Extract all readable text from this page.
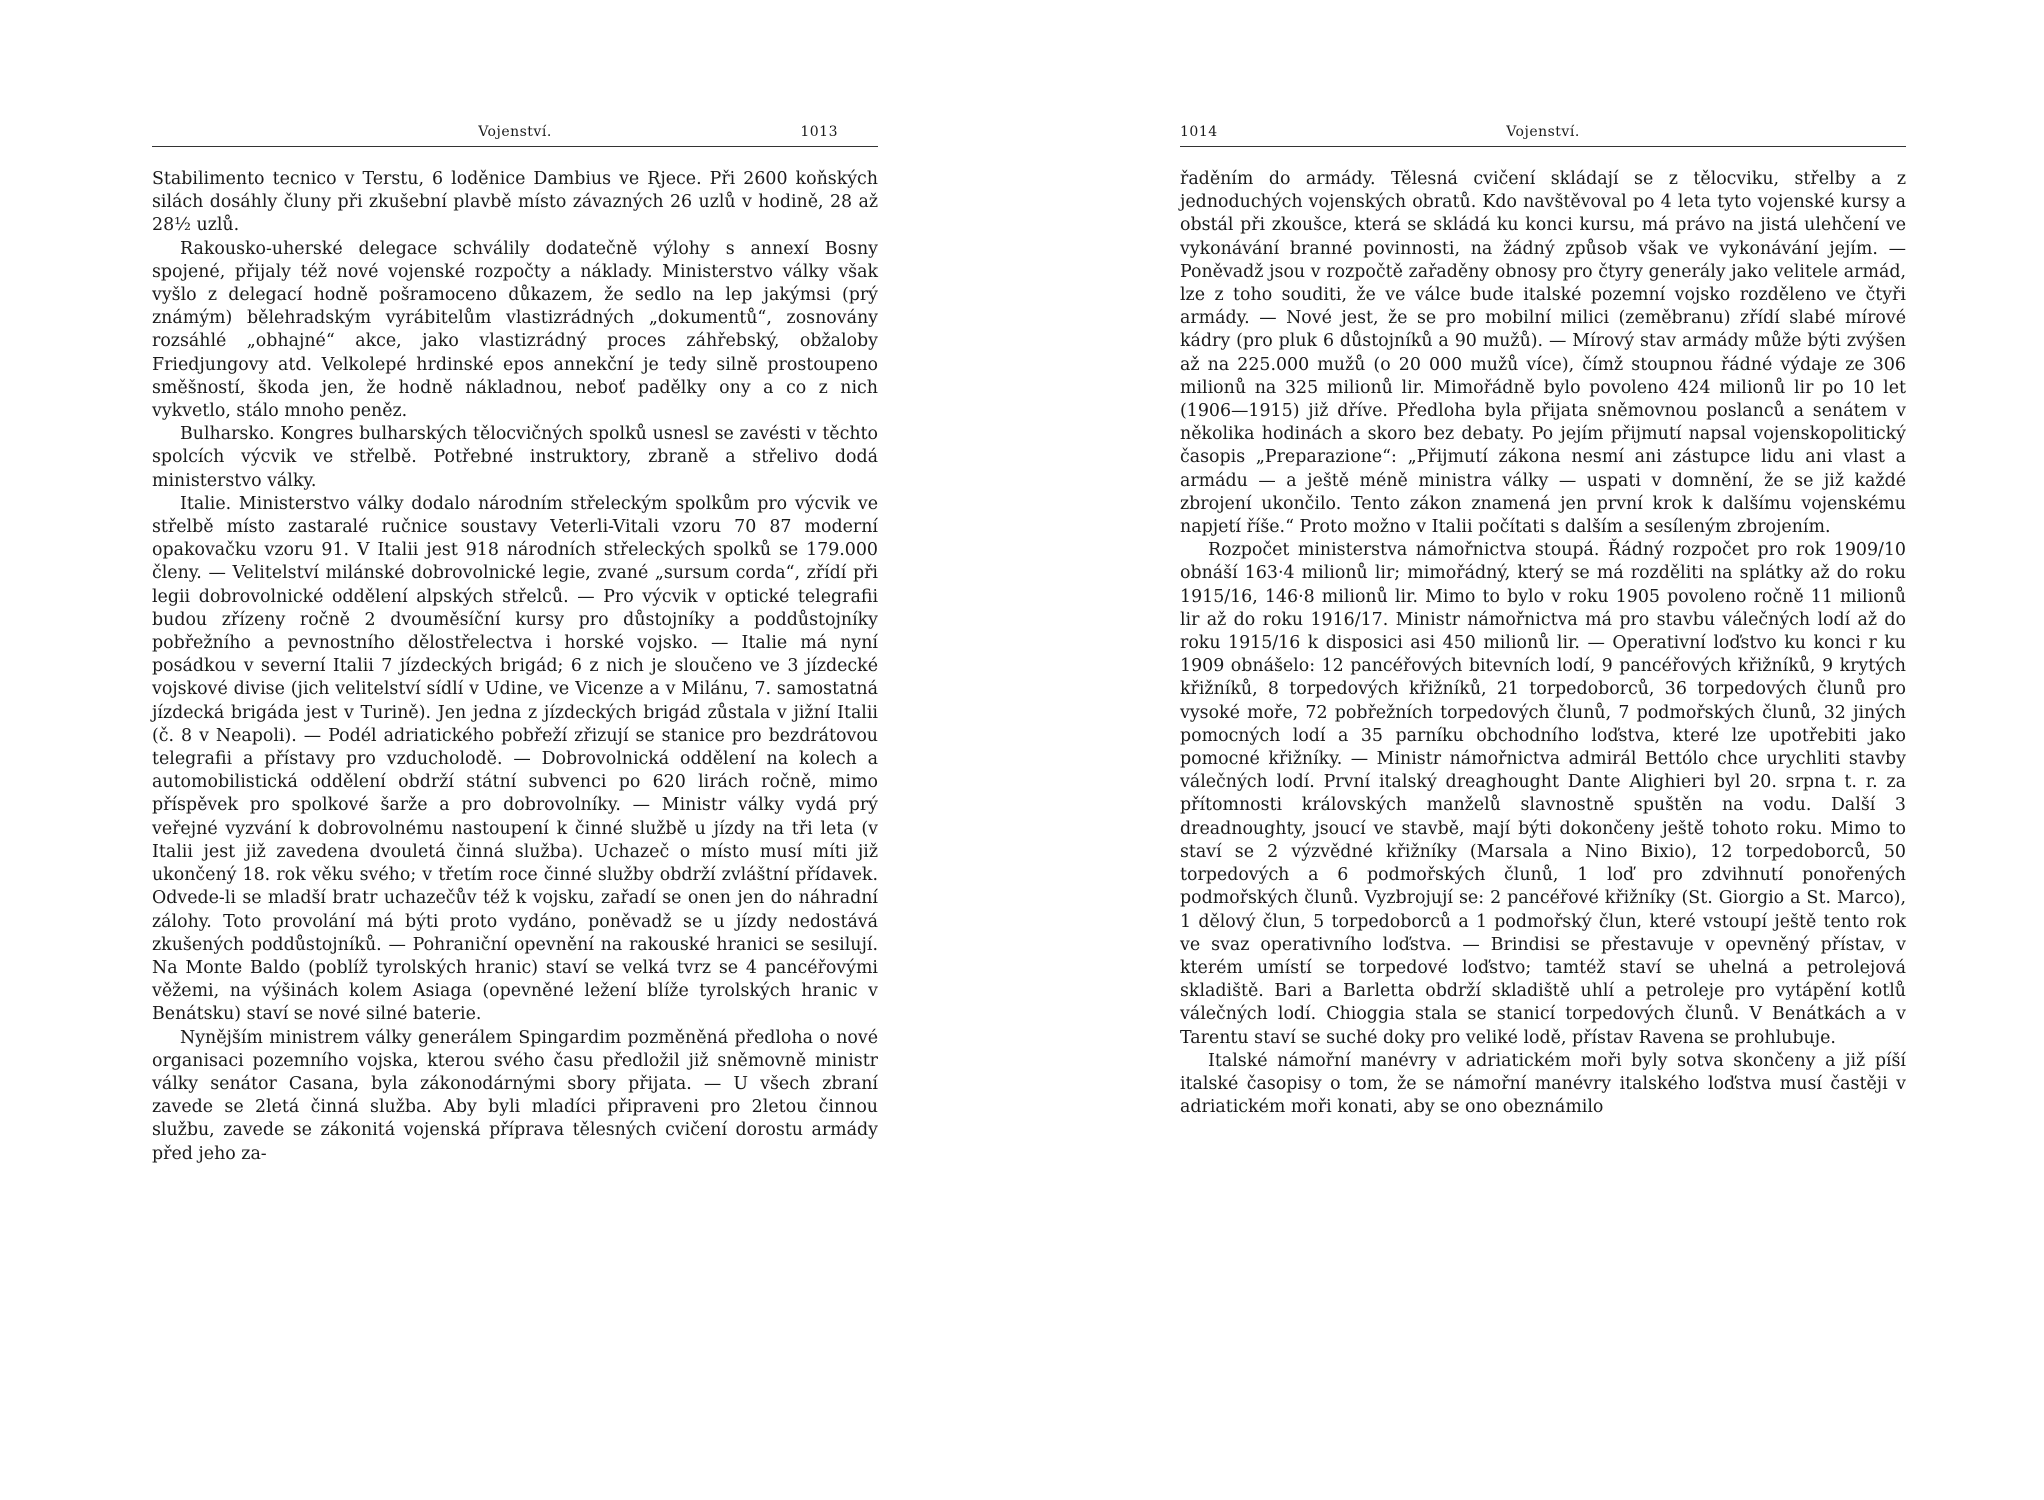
Vojenství.	1013

Stabilimento tecnico v Terstu, 6 loděnice Dambius ve Rjece. Při 2600 koňských silách dosáhly čluny při zkušební plavbě místo závazných 26 uzlů v hodině, 28 až 28½ uzlů.

Rakousko-uherské delegace schválily dodatečně výlohy s annexí Bosny spojené, přijaly též nové vojenské rozpočty a náklady. Ministerstvo války však vyšlo z delegací hodně pošramoceno důkazem, že sedlo na lep jakýmsi (prý známým) bělehradským vyrábitelům vlastizrádných „dokumentů“, zosnovány rozsáhlé „obhajné“ akce, jako vlastizrádný proces záhřebský, obžaloby Friedjungovy atd. Velkolepé hrdinské epos annekční je tedy silně prostoupeno směšností, škoda jen, že hodně nákladnou, neboť padělky ony a co z nich vykvetlo, stálo mnoho peněz.

Bulharsko. Kongres bulharských tělocvičných spolků usnesl se zavésti v těchto spolcích výcvik ve střelbě. Potřebné instruktory, zbraně a střelivo dodá ministerstvo války.

Italie. Ministerstvo války dodalo národním střeleckým spolkům pro výcvik ve střelbě místo zastaralé ručnice soustavy Veterli-Vitali vzoru 70 87 moderní opakovačku vzoru 91. V Italii jest 918 národních střeleckých spolků se 179.000 členy. — Velitelství milánské dobrovolnické legie, zvané „sursum corda“, zřídí při legii dobrovolnické oddělení alpských střelců. — Pro výcvik v optické telegrafii budou zřízeny ročně 2 dvouměsíční kursy pro důstojníky a poddůstojníky pobřežního a pevnostního dělostřelectva i horské vojsko. — Italie má nyní posádkou v severní Italii 7 jízdeckých brigád; 6 z nich je sloučeno ve 3 jízdecké vojskové divise (jich velitelství sídlí v Udine, ve Vicenze a v Milánu, 7. samostatná jízdecká brigáda jest v Turině). Jen jedna z jízdeckých brigád zůstala v jižní Italii (č. 8 v Neapoli). — Podél adriatického pobřeží zřizují se stanice pro bezdrátovou telegrafii a přístavy pro vzducholodě. — Dobrovolnická oddělení na kolech a automobilistická oddělení obdrží státní subvenci po 620 lirách ročně, mimo příspěvek pro spolkové šarže a pro dobrovolníky. — Ministr války vydá prý veřejné vyzvání k dobrovolnému nastoupení k činné službě u jízdy na tři leta (v Italii jest již zavedena dvouletá činná služba). Uchazeč o místo musí míti již ukončený 18. rok věku svého; v třetím roce činné služby obdrží zvláštní přídavek. Odvede-li se mladší bratr uchazečův též k vojsku, zařadí se onen jen do náhradní zálohy. Toto provolání má býti proto vydáno, poněvadž se u jízdy nedostává zkušených poddůstojníků. — Pohraniční opevnění na rakouské hranici se sesilují. Na Monte Baldo (poblíž tyrolských hranic) staví se velká tvrz se 4 pancéřovými věžemi, na výšinách kolem Asiaga (opevněné ležení blíže tyrolských hranic v Benátsku) staví se nové silné baterie.

Nynějším ministrem války generálem Spingardim pozměněná předloha o nové organisaci pozemního vojska, kterou svého času předložil již sněmovně ministr války senátor Casana, byla zákonodárnými sbory přijata. — U všech zbraní zavede se 2letá činná služba. Aby byli mladíci připraveni pro 2letou činnou službu, zavede se zákonitá vojenská příprava tělesných cvičení dorostu armády před jeho za-

1014	Vojenství.

řaděním do armády. Tělesná cvičení skládají se z tělocviku, střelby a z jednoduchých vojenských obratů. Kdo navštěvoval po 4 leta tyto vojenské kursy a obstál při zkoušce, která se skládá ku konci kursu, má právo na jistá ulehčení ve vykonávání branné povinnosti, na žádný způsob však ve vykonávání jejím. — Poněvadž jsou v rozpočtě zařaděny obnosy pro čtyry generály jako velitele armád, lze z toho souditi, že ve válce bude italské pozemní vojsko rozděleno ve čtyři armády. — Nové jest, že se pro mobilní milici (zeměbranu) zřídí slabé mírové kádry (pro pluk 6 důstojníků a 90 mužů). — Mírový stav armády může býti zvýšen až na 225.000 mužů (o 20 000 mužů více), čímž stoupnou řádné výdaje ze 306 milionů na 325 milionů lir. Mimořádně bylo povoleno 424 milionů lir po 10 let (1906—1915) již dříve. Předloha byla přijata sněmovnou poslanců a senátem v několika hodinách a skoro bez debaty. Po jejím přijmutí napsal vojenskopolitický časopis „Preparazione“: „Přijmutí zákona nesmí ani zástupce lidu ani vlast a armádu — a ještě méně ministra války — uspati v domnění, že se již každé zbrojení ukončilo. Tento zákon znamená jen první krok k dalšímu vojenskému napjetí říše.“ Proto možno v Italii počítati s dalším a sesíleným zbrojením.

Rozpočet ministerstva námořnictva stoupá. Řádný rozpočet pro rok 1909/10 obnáší 163·4 milionů lir; mimořádný, který se má rozděliti na splátky až do roku 1915/16, 146·8 milionů lir. Mimo to bylo v roku 1905 povoleno ročně 11 milionů lir až do roku 1916/17. Ministr námořnictva má pro stavbu válečných lodí až do roku 1915/16 k disposici asi 450 milionů lir. — Operativní loďstvo ku konci r ku 1909 obnášelo: 12 pancéřových bitevních lodí, 9 pancéřových křižníků, 9 krytých křižníků, 8 torpedových křižníků, 21 torpedoborců, 36 torpedových člunů pro vysoké moře, 72 pobřežních torpedových člunů, 7 podmořských člunů, 32 jiných pomocných lodí a 35 parníku obchodního loďstva, které lze upotřebiti jako pomocné křižníky. — Ministr námořnictva admirál Bettólo chce urychliti stavby válečných lodí. První italský dreaghought Dante Alighieri byl 20. srpna t. r. za přítomnosti královských manželů slavnostně spuštěn na vodu. Další 3 dreadnoughty, jsoucí ve stavbě, mají býti dokončeny ještě tohoto roku. Mimo to staví se 2 výzvědné křižníky (Marsala a Nino Bixio), 12 torpedoborců, 50 torpedových a 6 podmořských člunů, 1 loď pro zdvihnutí ponořených podmořských člunů. Vyzbrojují se: 2 pancéřové křižníky (St. Giorgio a St. Marco), 1 dělový člun, 5 torpedoborců a 1 podmořský člun, které vstoupí ještě tento rok ve svaz operativního loďstva. — Brindisi se přestavuje v opevněný přístav, v kterém umístí se torpedové loďstvo; tamtéž staví se uhelná a petrolejová skladiště. Bari a Barletta obdrží skladiště uhlí a petroleje pro vytápění kotlů válečných lodí. Chioggia stala se stanicí torpedových člunů. V Benátkách a v Tarentu staví se suché doky pro veliké lodě, přístav Ravena se prohlubuje.

Italské námořní manévry v adriatickém moři byly sotva skončeny a již píší italské časopisy o tom, že se námořní manévry italského loďstva musí častěji v adriatickém moři konati, aby se ono obeznámilo
